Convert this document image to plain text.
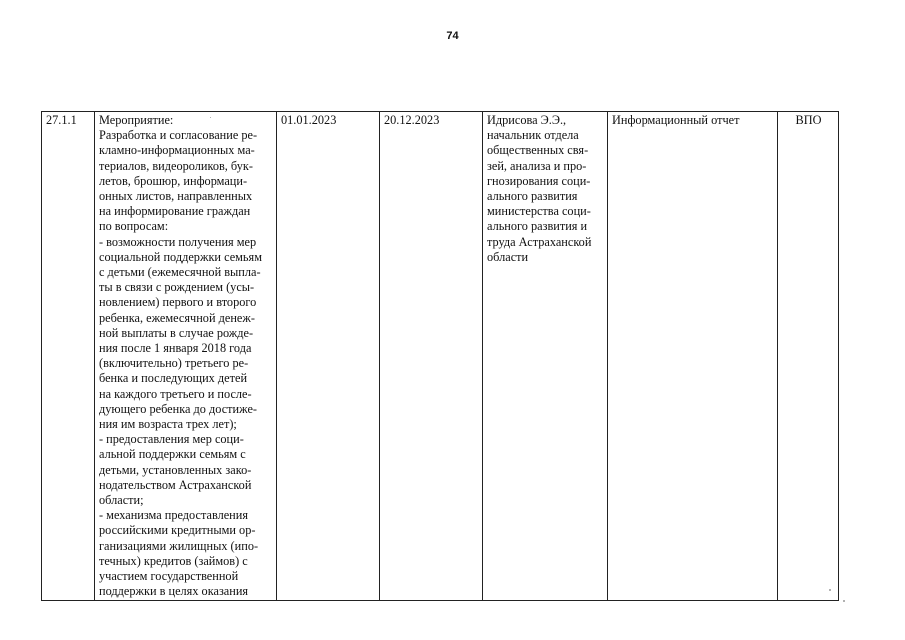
74
27.1.1	Мероприятие:
Разработка и согласование ре-
кламно-информационных ма-
териалов, видеороликов, бук-
летов, брошюр, информаци-
онных листов, направленных
на информирование граждан
по вопросам:
- возможности получения мер
социальной поддержки семьям
с детьми (ежемесячной выпла-
ты в связи с рождением (усы-
новлением) первого и второго
ребенка, ежемесячной денеж-
ной выплаты в случае рожде-
ния после 1 января 2018 года
(включительно) третьего ре-
бенка и последующих детей
на каждого третьего и после-
дующего ребенка до достиже-
ния им возраста трех лет);
- предоставления мер соци-
альной поддержки семьям с
детьми, установленных зако-
нодательством Астраханской
области;
- механизма предоставления
российскими кредитными ор-
ганизациями жилищных (ипо-
течных) кредитов (займов) с
участием государственной
поддержки в целях оказания
	01.01.2023	20.12.2023	Идрисова Э.Э.,
начальник отдела
общественных свя-
зей, анализа и про-
гнозирования соци-
ального развития
министерства соци-
ального развития и
труда Астраханской
области
	Информационный отчет	ВПО
